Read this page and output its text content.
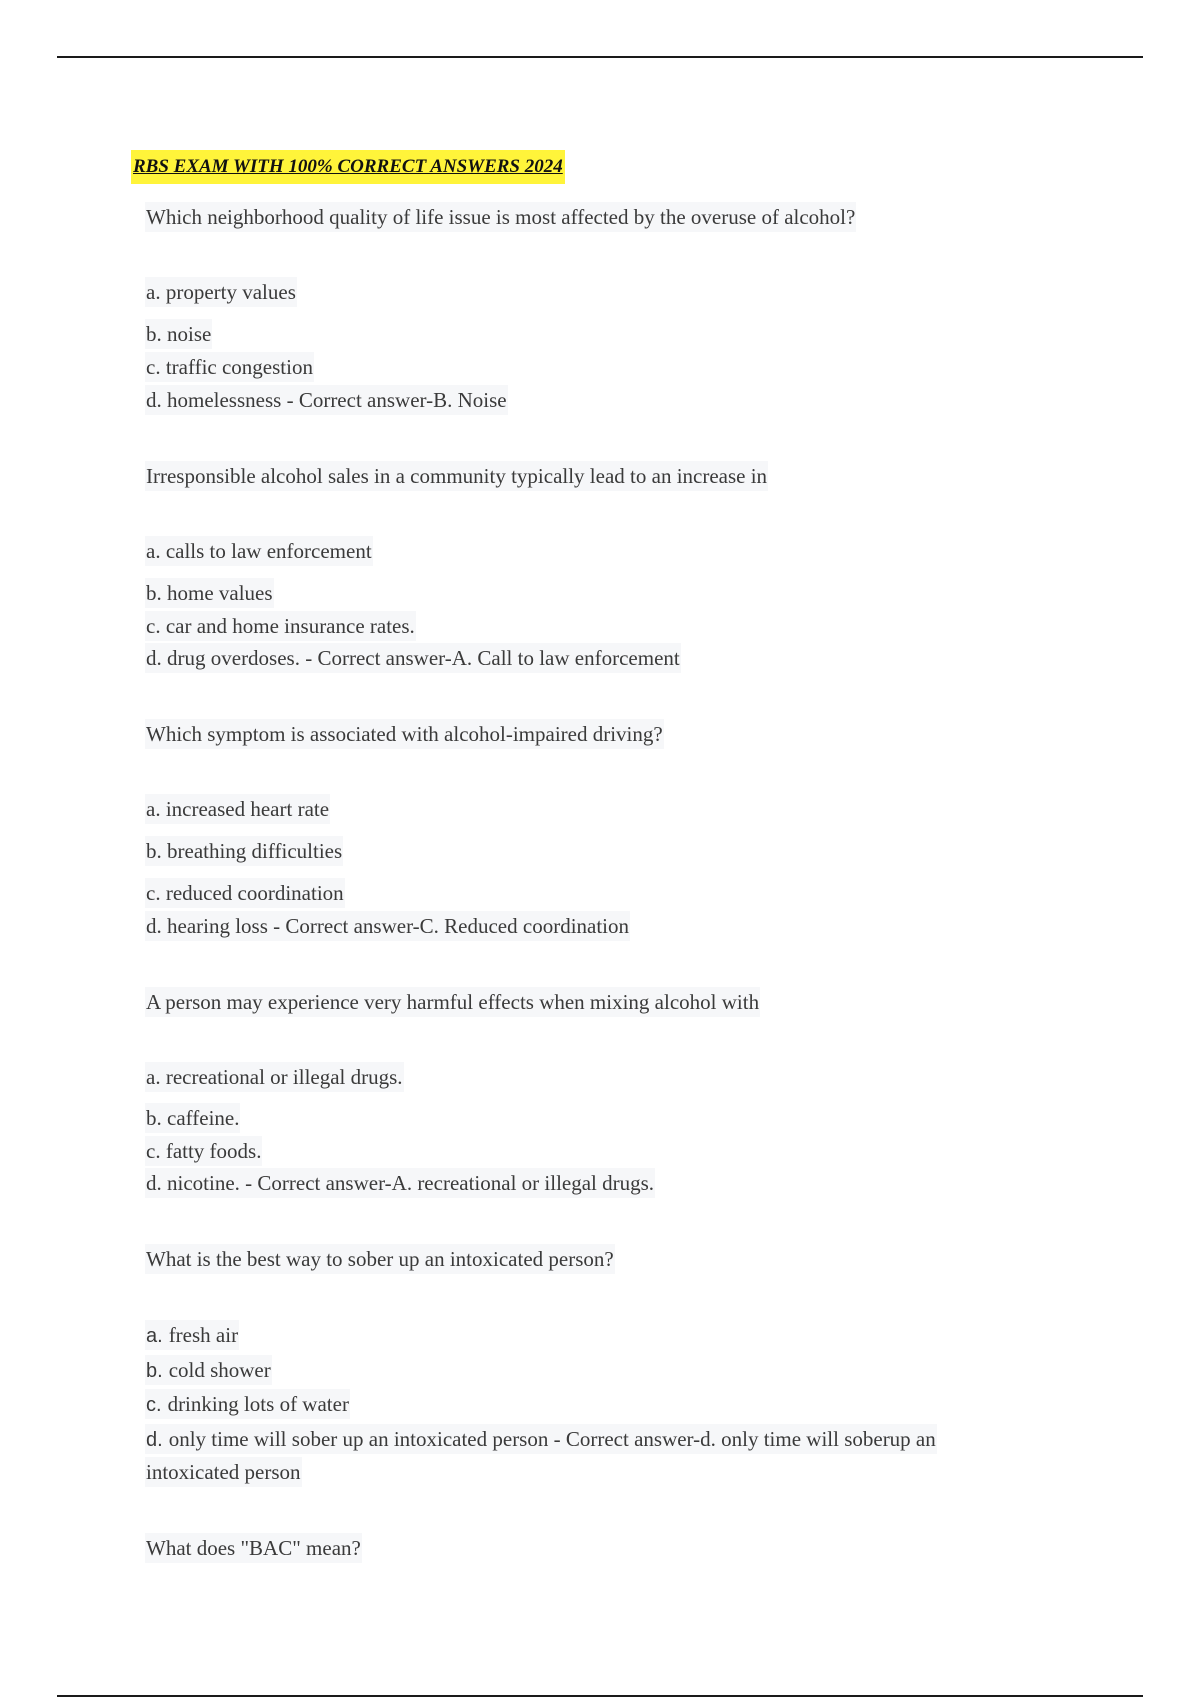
RBS EXAM WITH 100% CORRECT ANSWERS 2024
Which neighborhood quality of life issue is most affected by the overuse of alcohol?
a. property values
b. noise
c. traffic congestion
d. homelessness - Correct answer-B. Noise
Irresponsible alcohol sales in a community typically lead to an increase in
a. calls to law enforcement
b. home values
c. car and home insurance rates.
d. drug overdoses. - Correct answer-A. Call to law enforcement
Which symptom is associated with alcohol-impaired driving?
a. increased heart rate
b. breathing difficulties
c. reduced coordination
d. hearing loss - Correct answer-C. Reduced coordination
A person may experience very harmful effects when mixing alcohol with
a. recreational or illegal drugs.
b. caffeine.
c. fatty foods.
d. nicotine. - Correct answer-A. recreational or illegal drugs.
What is the best way to sober up an intoxicated person?
a. fresh air
b. cold shower
c. drinking lots of water
d. only time will sober up an intoxicated person - Correct answer-d. only time will soberup an
intoxicated person
What does "BAC" mean?
